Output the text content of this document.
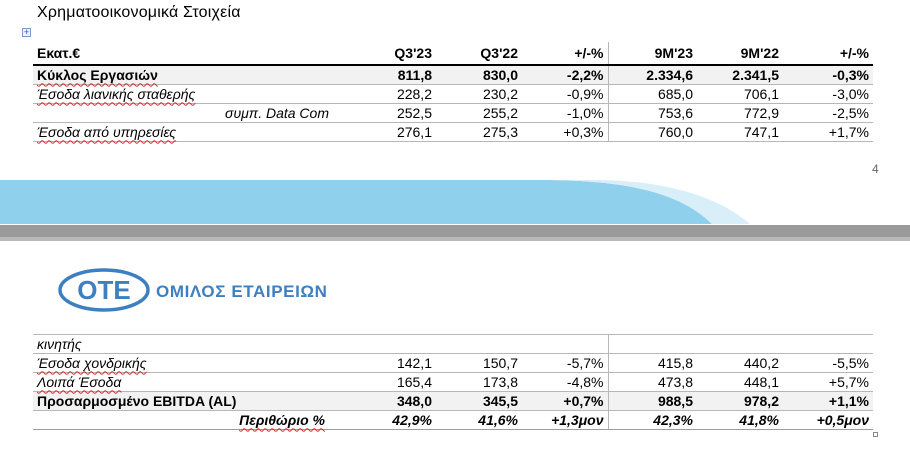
Χρηματοοικονομικά Στοιχεία
+
Εκατ.€	Q3'23	Q3'22	+/-%	9M'23	9M'22	+/-%
Κύκλος Εργασιών	811,8	830,0	-2,2%	2.334,6	2.341,5	-0,3%
Έσοδα λιανικής σταθερής	228,2	230,2	-0,9%	685,0	706,1	-3,0%
συμπ. Data Com	252,5	255,2	-1,0%	753,6	772,9	-2,5%
Έσοδα από υπηρεσίες	276,1	275,3	+0,3%	760,0	747,1	+1,7%
4
ΟΤΕ ΟΜΙΛΟΣ ΕΤΑΙΡΕΙΩΝ
κινητής						
Έσοδα χονδρικής	142,1	150,7	-5,7%	415,8	440,2	-5,5%
Λοιπά Έσοδα	165,4	173,8	-4,8%	473,8	448,1	+5,7%
Προσαρμοσμένο EBITDA (AL)	348,0	345,5	+0,7%	988,5	978,2	+1,1%
Περιθώριο %	42,9%	41,6%	+1,3μον	42,3%	41,8%	+0,5μον
